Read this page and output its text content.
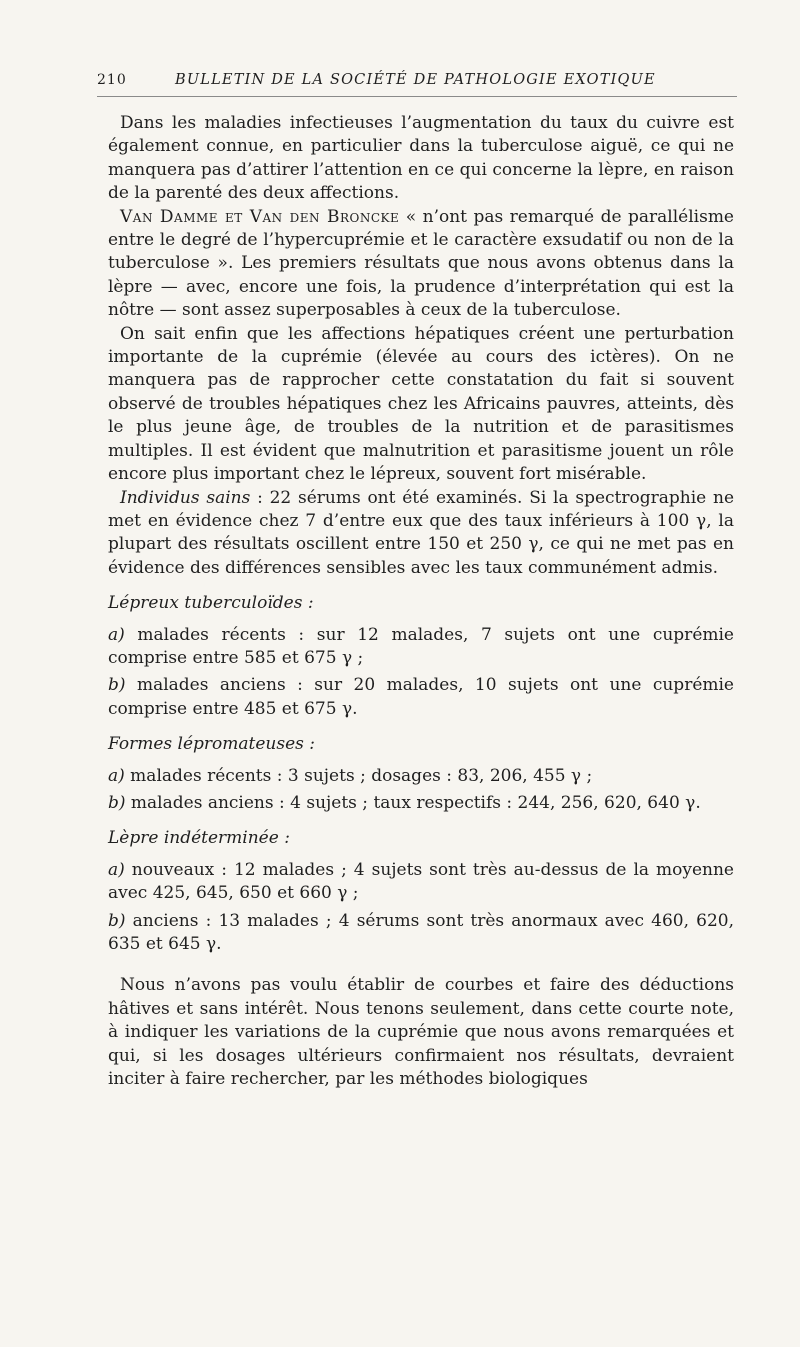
210	BULLETIN DE LA SOCIÉTÉ DE PATHOLOGIE EXOTIQUE

Dans les maladies infectieuses l’augmentation du taux du cuivre est également connue, en particulier dans la tuberculose aiguë, ce qui ne manquera pas d’attirer l’attention en ce qui concerne la lèpre, en raison de la parenté des deux affections.

Van Damme et Van den Broncke « n’ont pas remarqué de parallélisme entre le degré de l’hypercuprémie et le caractère exsudatif ou non de la tuberculose ». Les premiers résultats que nous avons obtenus dans la lèpre — avec, encore une fois, la prudence d’interprétation qui est la nôtre — sont assez superposables à ceux de la tuberculose.

On sait enfin que les affections hépatiques créent une perturbation importante de la cuprémie (élevée au cours des ictères). On ne manquera pas de rapprocher cette constatation du fait si souvent observé de troubles hépatiques chez les Africains pauvres, atteints, dès le plus jeune âge, de troubles de la nutrition et de parasitismes multiples. Il est évident que malnutrition et parasitisme jouent un rôle encore plus important chez le lépreux, souvent fort misérable.

Individus sains : 22 sérums ont été examinés. Si la spectrographie ne met en évidence chez 7 d’entre eux que des taux inférieurs à 100 γ, la plupart des résultats oscillent entre 150 et 250 γ, ce qui ne met pas en évidence des différences sensibles avec les taux communément admis.

Lépreux tuberculoïdes :

a) malades récents : sur 12 malades, 7 sujets ont une cuprémie comprise entre 585 et 675 γ ;

b) malades anciens : sur 20 malades, 10 sujets ont une cuprémie comprise entre 485 et 675 γ.

Formes lépromateuses :

a) malades récents : 3 sujets ; dosages : 83, 206, 455 γ ;

b) malades anciens : 4 sujets ; taux respectifs : 244, 256, 620, 640 γ.

Lèpre indéterminée :

a) nouveaux : 12 malades ; 4 sujets sont très au-dessus de la moyenne avec 425, 645, 650 et 660 γ ;

b) anciens : 13 malades ; 4 sérums sont très anormaux avec 460, 620, 635 et 645 γ.

Nous n’avons pas voulu établir de courbes et faire des déductions hâtives et sans intérêt. Nous tenons seulement, dans cette courte note, à indiquer les variations de la cuprémie que nous avons remarquées et qui, si les dosages ultérieurs confirmaient nos résultats, devraient inciter à faire rechercher, par les méthodes biologiques
